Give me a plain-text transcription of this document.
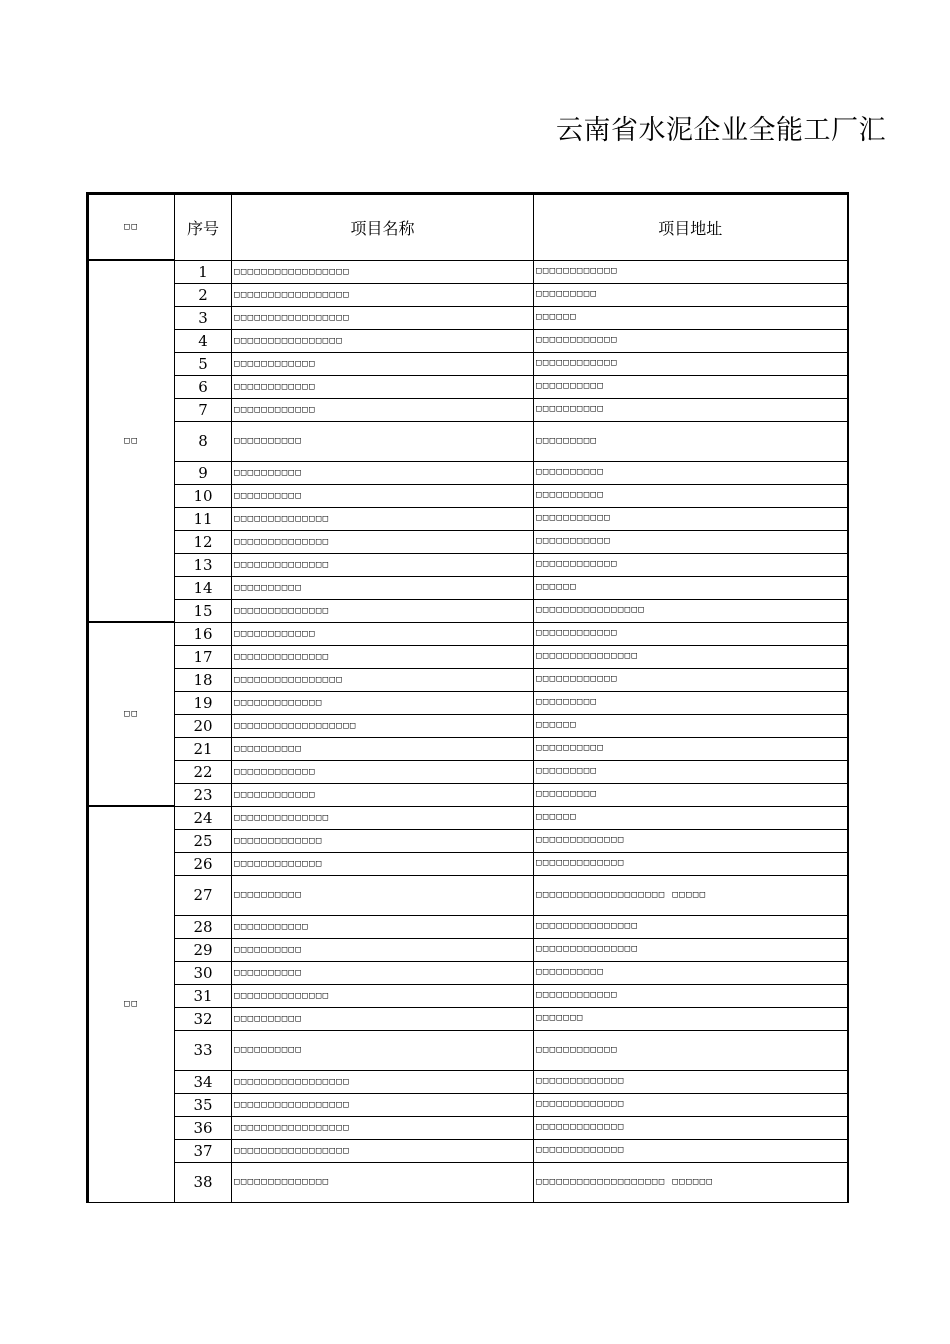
云南省水泥企业全能工厂汇
□□	序号	项目名称	项目地址
□□	1	□□□□□□□□□□□□□□□□□	□□□□□□□□□□□□
	2	□□□□□□□□□□□□□□□□□	□□□□□□□□□
	3	□□□□□□□□□□□□□□□□□	□□□□□□
	4	□□□□□□□□□□□□□□□□	□□□□□□□□□□□□
	5	□□□□□□□□□□□□	□□□□□□□□□□□□
	6	□□□□□□□□□□□□	□□□□□□□□□□
	7	□□□□□□□□□□□□	□□□□□□□□□□
	8	□□□□□□□□□□	□□□□□□□□□
	9	□□□□□□□□□□	□□□□□□□□□□
	10	□□□□□□□□□□	□□□□□□□□□□
	11	□□□□□□□□□□□□□□	□□□□□□□□□□□
	12	□□□□□□□□□□□□□□	□□□□□□□□□□□
	13	□□□□□□□□□□□□□□	□□□□□□□□□□□□
	14	□□□□□□□□□□	□□□□□□
	15	□□□□□□□□□□□□□□	□□□□□□□□□□□□□□□□
□□	16	□□□□□□□□□□□□	□□□□□□□□□□□□
	17	□□□□□□□□□□□□□□	□□□□□□□□□□□□□□□
	18	□□□□□□□□□□□□□□□□	□□□□□□□□□□□□
	19	□□□□□□□□□□□□□	□□□□□□□□□
	20	□□□□□□□□□□□□□□□□□□	□□□□□□
	21	□□□□□□□□□□	□□□□□□□□□□
	22	□□□□□□□□□□□□	□□□□□□□□□
	23	□□□□□□□□□□□□	□□□□□□□□□
□□	24	□□□□□□□□□□□□□□	□□□□□□
	25	□□□□□□□□□□□□□	□□□□□□□□□□□□□
	26	□□□□□□□□□□□□□	□□□□□□□□□□□□□
	27	□□□□□□□□□□	□□□□□□□□□□□□□□□□□□□ □□□□□
	28	□□□□□□□□□□□	□□□□□□□□□□□□□□□
	29	□□□□□□□□□□	□□□□□□□□□□□□□□□
	30	□□□□□□□□□□	□□□□□□□□□□
	31	□□□□□□□□□□□□□□	□□□□□□□□□□□□
	32	□□□□□□□□□□	□□□□□□□
	33	□□□□□□□□□□	□□□□□□□□□□□□
	34	□□□□□□□□□□□□□□□□□	□□□□□□□□□□□□□
	35	□□□□□□□□□□□□□□□□□	□□□□□□□□□□□□□
	36	□□□□□□□□□□□□□□□□□	□□□□□□□□□□□□□
	37	□□□□□□□□□□□□□□□□□	□□□□□□□□□□□□□
	38	□□□□□□□□□□□□□□	□□□□□□□□□□□□□□□□□□□ □□□□□□
